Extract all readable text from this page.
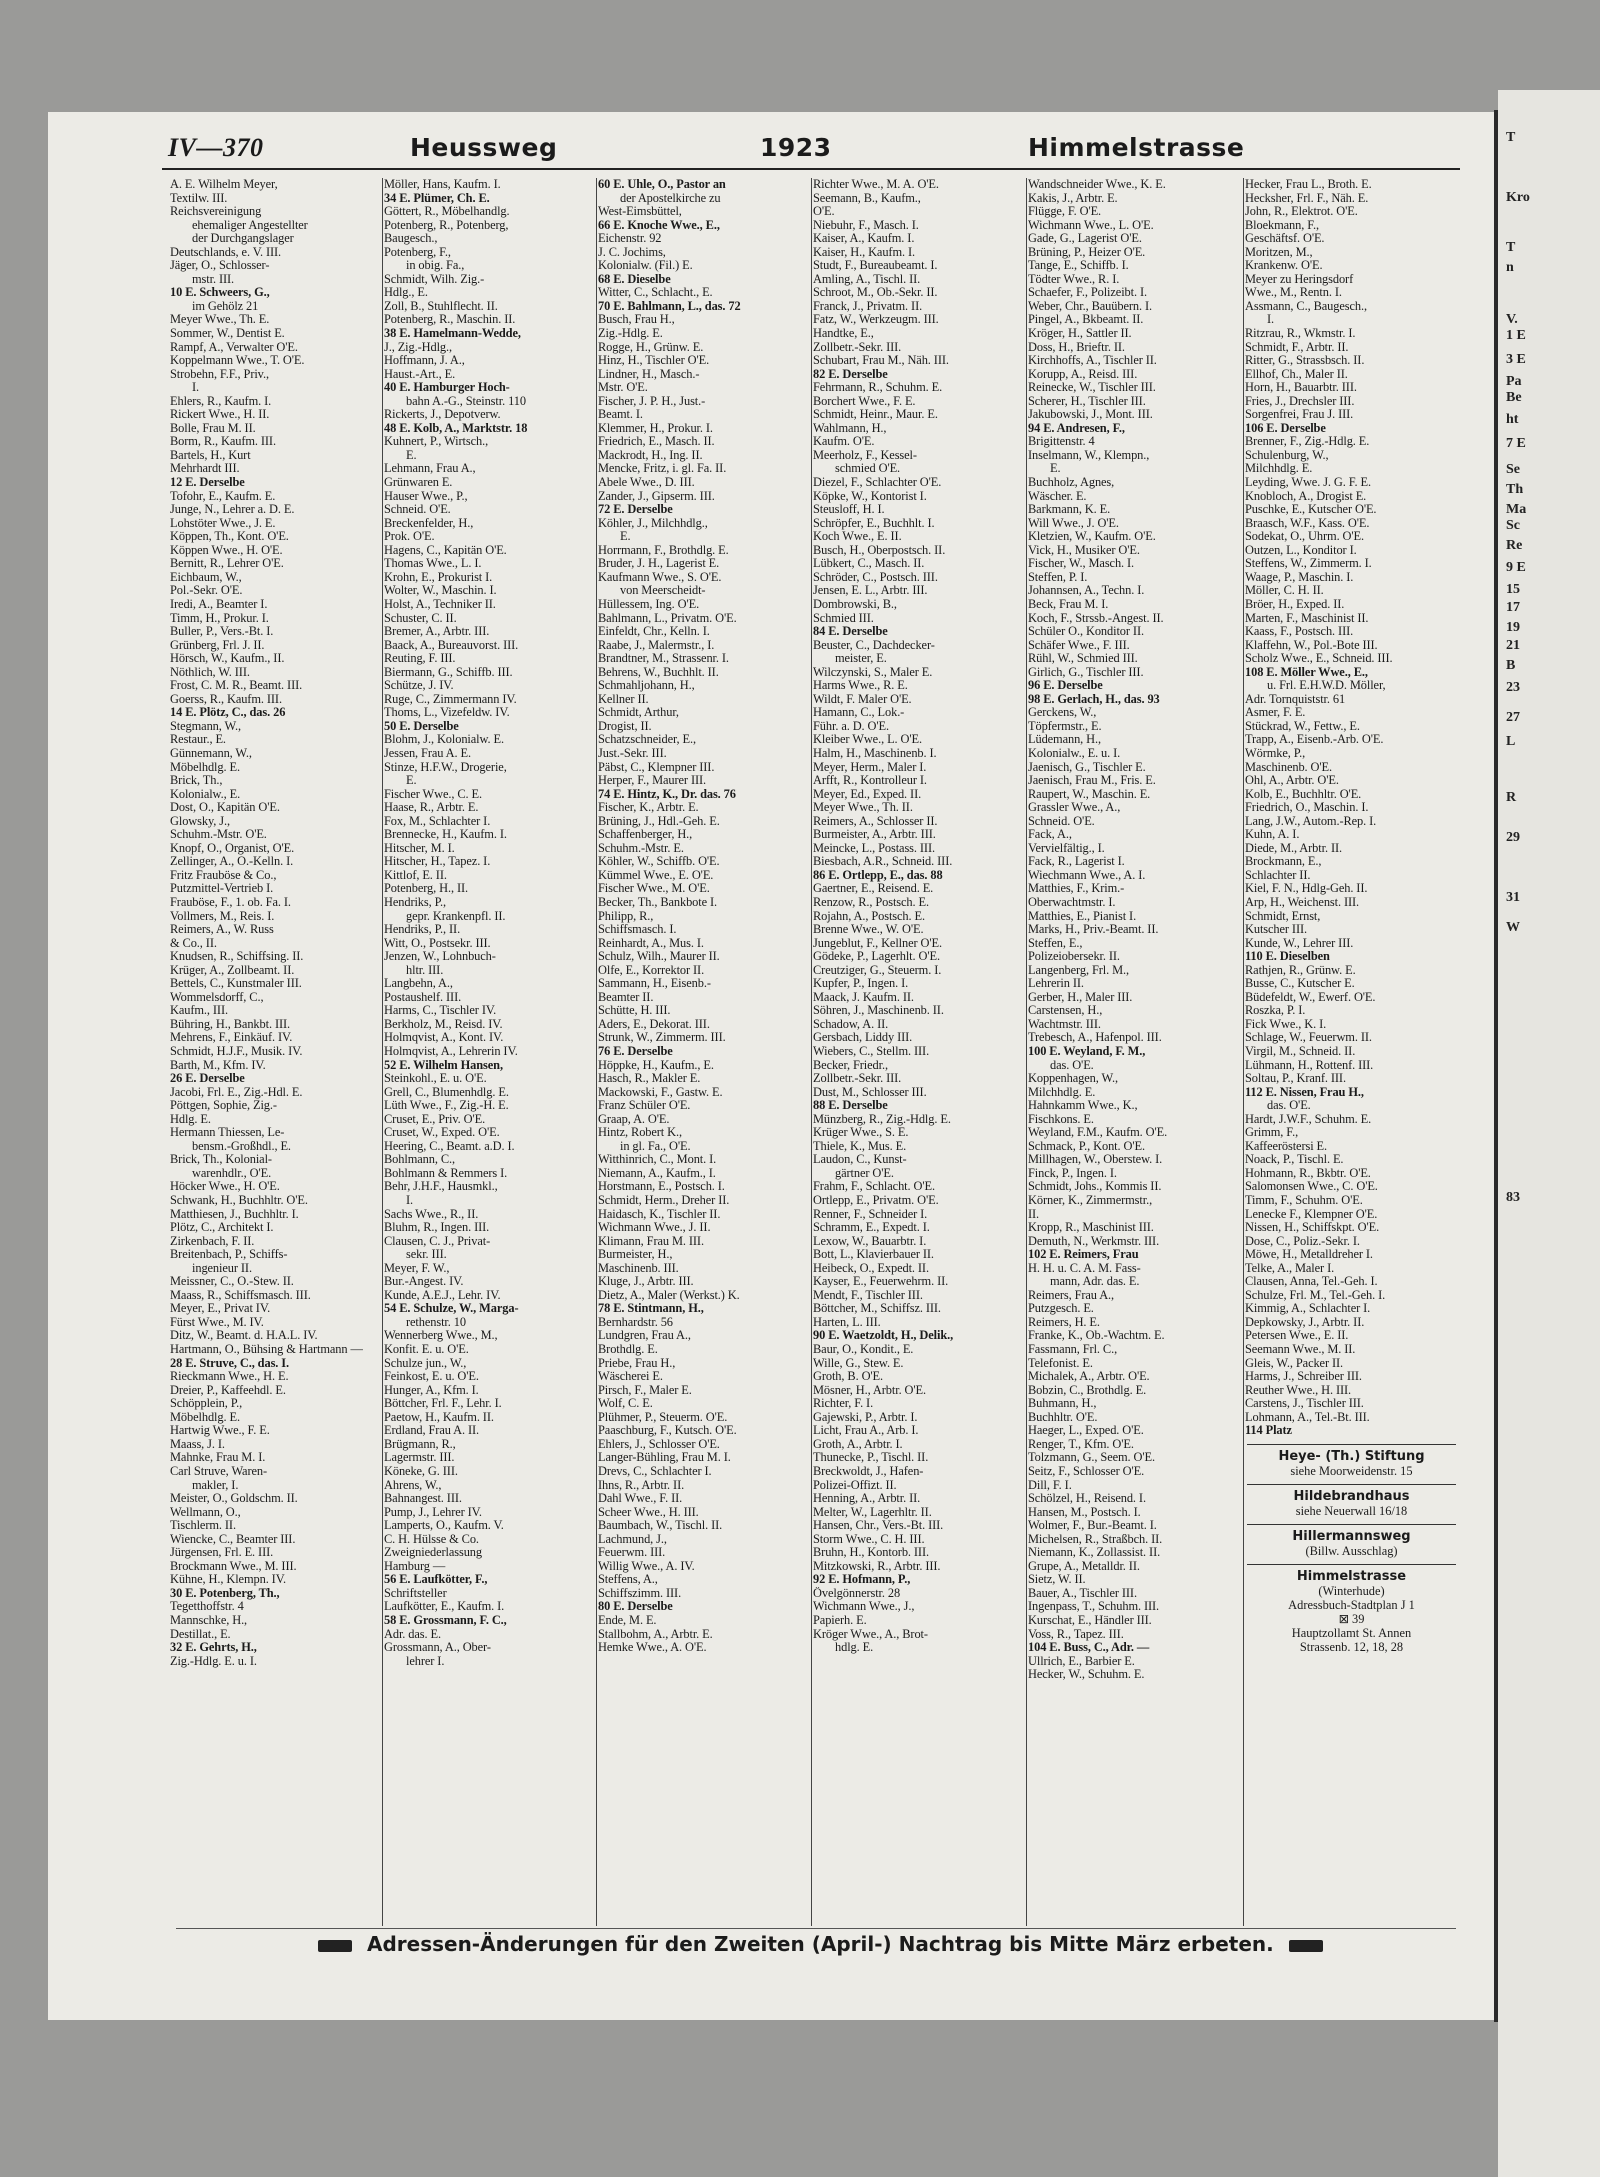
T
Kro
T
n
V.
1 E
3 E
Pa
Be
ht
7 E
Se
Th
Ma
Sc
Re
9 E
15
17
19
21
B
23
27
L
R
29
31
W
83
IV—370	Heussweg	1923	Himmelstrasse
A. E. Wilhelm Meyer,
Textilw. III.
Reichsvereinigung
ehemaliger Angestellter
der Durchgangslager
Deutschlands, e. V. III.
Jäger, O., Schlosser-
mstr. III.
10 E. Schweers, G.,
im Gehölz 21
Meyer Wwe., Th. E.
Sommer, W., Dentist E.
Rampf, A., Verwalter O'E.
Koppelmann Wwe., T. O'E.
Strobehn, F.F., Priv.,
I.
Ehlers, R., Kaufm. I.
Rickert Wwe., H. II.
Bolle, Frau M. II.
Borm, R., Kaufm. III.
Bartels, H., Kurt
Mehrhardt III.
12 E. Derselbe
Tofohr, E., Kaufm. E.
Junge, N., Lehrer a. D. E.
Lohstöter Wwe., J. E.
Köppen, Th., Kont. O'E.
Köppen Wwe., H. O'E.
Bernitt, R., Lehrer O'E.
Eichbaum, W.,
Pol.-Sekr. O'E.
Iredi, A., Beamter I.
Timm, H., Prokur. I.
Buller, P., Vers.-Bt. I.
Grünberg, Frl. J. II.
Hörsch, W., Kaufm., II.
Nöthlich, W. III.
Frost, C. M. R., Beamt. III.
Goerss, R., Kaufm. III.
14 E. Plötz, C., das. 26
Stegmann, W.,
Restaur., E.
Günnemann, W.,
Möbelhdlg. E.
Brick, Th.,
Kolonialw., E.
Dost, O., Kapitän O'E.
Glowsky, J.,
Schuhm.-Mstr. O'E.
Knopf, O., Organist, O'E.
Zellinger, A., O.-Kelln. I.
Fritz Frauböse & Co.,
Putzmittel-Vertrieb I.
Frauböse, F., 1. ob. Fa. I.
Vollmers, M., Reis. I.
Reimers, A., W. Russ
& Co., II.
Knudsen, R., Schiffsing. II.
Krüger, A., Zollbeamt. II.
Bettels, C., Kunstmaler III.
Wommelsdorff, C.,
Kaufm., III.
Bühring, H., Bankbt. III.
Mehrens, F., Einkäuf. IV.
Schmidt, H.J.F., Musik. IV.
Barth, M., Kfm. IV.
26 E. Derselbe
Jacobi, Frl. E., Zig.-Hdl. E.
Pöttgen, Sophie, Zig.-
Hdlg. E.
Hermann Thiessen, Le-
bensm.-Großhdl., E.
Brick, Th., Kolonial-
warenhdlr., O'E.
Höcker Wwe., H. O'E.
Schwank, H., Buchhltr. O'E.
Matthiesen, J., Buchhltr. I.
Plötz, C., Architekt I.
Zirkenbach, F. II.
Breitenbach, P., Schiffs-
ingenieur II.
Meissner, C., O.-Stew. II.
Maass, R., Schiffsmasch. III.
Meyer, E., Privat IV.
Fürst Wwe., M. IV.
Ditz, W., Beamt. d. H.A.L. IV.
Hartmann, O., Bühsing & Hartmann —
28 E. Struve, C., das. I.
Rieckmann Wwe., H. E.
Dreier, P., Kaffeehdl. E.
Schöpplein, P.,
Möbelhdlg. E.
Hartwig Wwe., F. E.
Maass, J. I.
Mahnke, Frau M. I.
Carl Struve, Waren-
makler, I.
Meister, O., Goldschm. II.
Wellmann, O.,
Tischlerm. II.
Wiencke, C., Beamter III.
Jürgensen, Frl. E. III.
Brockmann Wwe., M. III.
Kühne, H., Klempn. IV.
30 E. Potenberg, Th.,
Tegetthoffstr. 4
Mannschke, H.,
Destillat., E.
32 E. Gehrts, H.,
Zig.-Hdlg. E. u. I.
Möller, Hans, Kaufm. I.
34 E. Plümer, Ch. E.
Göttert, R., Möbelhandlg.
Potenberg, R., Potenberg,
Baugesch.,
Potenberg, F.,
in obig. Fa.,
Schmidt, Wilh. Zig.-
Hdlg., E.
Zoll, B., Stuhlflecht. II.
Potenberg, R., Maschin. II.
38 E. Hamelmann-Wedde,
J., Zig.-Hdlg.,
Hoffmann, J. A.,
Haust.-Art., E.
40 E. Hamburger Hoch-
bahn A.-G., Steinstr. 110
Rickerts, J., Depotverw.
48 E. Kolb, A., Marktstr. 18
Kuhnert, P., Wirtsch.,
E.
Lehmann, Frau A.,
Grünwaren E.
Hauser Wwe., P.,
Schneid. O'E.
Breckenfelder, H.,
Prok. O'E.
Hagens, C., Kapitän O'E.
Thomas Wwe., L. I.
Krohn, E., Prokurist I.
Wolter, W., Maschin. I.
Holst, A., Techniker II.
Schuster, C. II.
Bremer, A., Arbtr. III.
Baack, A., Bureauvorst. III.
Reuting, F. III.
Biermann, G., Schiffb. III.
Schütze, J. IV.
Ruge, C., Zimmermann IV.
Thoms, L., Vizefeldw. IV.
50 E. Derselbe
Blohm, J., Kolonialw. E.
Jessen, Frau A. E.
Stinze, H.F.W., Drogerie,
E.
Fischer Wwe., C. E.
Haase, R., Arbtr. E.
Fox, M., Schlachter I.
Brennecke, H., Kaufm. I.
Hitscher, M. I.
Hitscher, H., Tapez. I.
Kittlof, E. II.
Potenberg, H., II.
Hendriks, P.,
gepr. Krankenpfl. II.
Hendriks, P., II.
Witt, O., Postsekr. III.
Jenzen, W., Lohnbuch-
hltr. III.
Langbehn, A.,
Postaushelf. III.
Harms, C., Tischler IV.
Berkholz, M., Reisd. IV.
Holmqvist, A., Kont. IV.
Holmqvist, A., Lehrerin IV.
52 E. Wilhelm Hansen,
Steinkohl., E. u. O'E.
Grell, C., Blumenhdlg. E.
Lüth Wwe., F., Zig.-H. E.
Cruset, E., Priv. O'E.
Cruset, W., Exped. O'E.
Heering, C., Beamt. a.D. I.
Bohlmann, C.,
Bohlmann & Remmers I.
Behr, J.H.F., Hausmkl.,
I.
Sachs Wwe., R., II.
Bluhm, R., Ingen. III.
Clausen, C. J., Privat-
sekr. III.
Meyer, F. W.,
Bur.-Angest. IV.
Kunde, A.E.J., Lehr. IV.
54 E. Schulze, W., Marga-
rethenstr. 10
Wennerberg Wwe., M.,
Konfit. E. u. O'E.
Schulze jun., W.,
Feinkost, E. u. O'E.
Hunger, A., Kfm. I.
Böttcher, Frl. F., Lehr. I.
Paetow, H., Kaufm. II.
Erdland, Frau A. II.
Brügmann, R.,
Lagermstr. III.
Köneke, G. III.
Ahrens, W.,
Bahnangest. III.
Pump, J., Lehrer IV.
Lamperts, O., Kaufm. V.
C. H. Hülsse & Co.
Zweigniederlassung
Hamburg —
56 E. Laufkötter, F.,
Schriftsteller
Laufkötter, E., Kaufm. I.
58 E. Grossmann, F. C.,
Adr. das. E.
Grossmann, A., Ober-
lehrer I.
60 E. Uhle, O., Pastor an
der Apostelkirche zu
West-Eimsbüttel,
66 E. Knoche Wwe., E.,
Eichenstr. 92
J. C. Jochims,
Kolonialw. (Fil.) E.
68 E. Dieselbe
Witter, C., Schlacht., E.
70 E. Bahlmann, L., das. 72
Busch, Frau H.,
Zig.-Hdlg. E.
Rogge, H., Grünw. E.
Hinz, H., Tischler O'E.
Lindner, H., Masch.-
Mstr. O'E.
Fischer, J. P. H., Just.-
Beamt. I.
Klemmer, H., Prokur. I.
Friedrich, E., Masch. II.
Mackrodt, H., Ing. II.
Mencke, Fritz, i. gl. Fa. II.
Abele Wwe., D. III.
Zander, J., Gipserm. III.
72 E. Derselbe
Köhler, J., Milchhdlg.,
E.
Horrmann, F., Brothdlg. E.
Bruder, J. H., Lagerist E.
Kaufmann Wwe., S. O'E.
von Meerscheidt-
Hüllessem, Ing. O'E.
Bahlmann, L., Privatm. O'E.
Einfeldt, Chr., Kelln. I.
Raabe, J., Malermstr., I.
Brandtner, M., Strassenr. I.
Behrens, W., Buchhlt. II.
Schmahljohann, H.,
Kellner II.
Schmidt, Arthur,
Drogist, II.
Schatzschneider, E.,
Just.-Sekr. III.
Päbst, C., Klempner III.
Herper, F., Maurer III.
74 E. Hintz, K., Dr. das. 76
Fischer, K., Arbtr. E.
Brüning, J., Hdl.-Geh. E.
Schaffenberger, H.,
Schuhm.-Mstr. E.
Köhler, W., Schiffb. O'E.
Kümmel Wwe., E. O'E.
Fischer Wwe., M. O'E.
Becker, Th., Bankbote I.
Philipp, R.,
Schiffsmasch. I.
Reinhardt, A., Mus. I.
Schulz, Wilh., Maurer II.
Olfe, E., Korrektor II.
Sammann, H., Eisenb.-
Beamter II.
Schütte, H. III.
Aders, E., Dekorat. III.
Strunk, W., Zimmerm. III.
76 E. Derselbe
Höppke, H., Kaufm., E.
Hasch, R., Makler E.
Mackowski, F., Gastw. E.
Franz Schüler O'E.
Graap, A. O'E.
Hintz, Robert K.,
in gl. Fa., O'E.
Witthinrich, C., Mont. I.
Niemann, A., Kaufm., I.
Horstmann, E., Postsch. I.
Schmidt, Herm., Dreher II.
Haidasch, K., Tischler II.
Wichmann Wwe., J. II.
Klimann, Frau M. III.
Burmeister, H.,
Maschinenb. III.
Kluge, J., Arbtr. III.
Dietz, A., Maler (Werkst.) K.
78 E. Stintmann, H.,
Bernhardstr. 56
Lundgren, Frau A.,
Brothdlg. E.
Priebe, Frau H.,
Wäscherei E.
Pirsch, F., Maler E.
Wolf, C. E.
Plühmer, P., Steuerm. O'E.
Paaschburg, F., Kutsch. O'E.
Ehlers, J., Schlosser O'E.
Langer-Bühling, Frau M. I.
Drevs, C., Schlachter I.
Ihns, R., Arbtr. II.
Dahl Wwe., F. II.
Scheer Wwe., H. III.
Baumbach, W., Tischl. II.
Lachmund, J.,
Feuerwm. III.
Willig Wwe., A. IV.
Steffens, A.,
Schiffszimm. III.
80 E. Derselbe
Ende, M. E.
Stallbohm, A., Arbtr. E.
Hemke Wwe., A. O'E.
Richter Wwe., M. A. O'E.
Seemann, B., Kaufm.,
O'E.
Niebuhr, F., Masch. I.
Kaiser, A., Kaufm. I.
Kaiser, H., Kaufm. I.
Studt, F., Bureaubeamt. I.
Amling, A., Tischl. II.
Schroot, M., Ob.-Sekr. II.
Franck, J., Privatm. II.
Fatz, W., Werkzeugm. III.
Handtke, E.,
Zollbetr.-Sekr. III.
Schubart, Frau M., Näh. III.
82 E. Derselbe
Fehrmann, R., Schuhm. E.
Borchert Wwe., F. E.
Schmidt, Heinr., Maur. E.
Wahlmann, H.,
Kaufm. O'E.
Meerholz, F., Kessel-
schmied O'E.
Diezel, F., Schlachter O'E.
Köpke, W., Kontorist I.
Steusloff, H. I.
Schröpfer, E., Buchhlt. I.
Koch Wwe., E. II.
Busch, H., Oberpostsch. II.
Lübkert, C., Masch. II.
Schröder, C., Postsch. III.
Jensen, E. L., Arbtr. III.
Dombrowski, B.,
Schmied III.
84 E. Derselbe
Beuster, C., Dachdecker-
meister, E.
Wilczynski, S., Maler E.
Harms Wwe., R. E.
Wildt, F. Maler O'E.
Hamann, C., Lok.-
Führ. a. D. O'E.
Kleiber Wwe., L. O'E.
Halm, H., Maschinenb. I.
Meyer, Herm., Maler I.
Arfft, R., Kontrolleur I.
Meyer, Ed., Exped. II.
Meyer Wwe., Th. II.
Reimers, A., Schlosser II.
Burmeister, A., Arbtr. III.
Meincke, L., Postass. III.
Biesbach, A.R., Schneid. III.
86 E. Ortlepp, E., das. 88
Gaertner, E., Reisend. E.
Renzow, R., Postsch. E.
Rojahn, A., Postsch. E.
Brenne Wwe., W. O'E.
Jungeblut, F., Kellner O'E.
Gödeke, P., Lagerhlt. O'E.
Creutziger, G., Steuerm. I.
Kupfer, P., Ingen. I.
Maack, J. Kaufm. II.
Söhren, J., Maschinenb. II.
Schadow, A. II.
Gersbach, Liddy III.
Wiebers, C., Stellm. III.
Becker, Friedr.,
Zollbetr.-Sekr. III.
Dust, M., Schlosser III.
88 E. Derselbe
Münzberg, R., Zig.-Hdlg. E.
Krüger Wwe., S. E.
Thiele, K., Mus. E.
Laudon, C., Kunst-
gärtner O'E.
Frahm, F., Schlacht. O'E.
Ortlepp, E., Privatm. O'E.
Renner, F., Schneider I.
Schramm, E., Expedt. I.
Lexow, W., Bauarbtr. I.
Bott, L., Klavierbauer II.
Heibeck, O., Expedt. II.
Kayser, E., Feuerwehrm. II.
Mendt, F., Tischler III.
Böttcher, M., Schiffsz. III.
Harten, L. III.
90 E. Waetzoldt, H., Delik.,
Baur, O., Kondit., E.
Wille, G., Stew. E.
Groth, B. O'E.
Mösner, H., Arbtr. O'E.
Richter, F. I.
Gajewski, P., Arbtr. I.
Licht, Frau A., Arb. I.
Groth, A., Arbtr. I.
Thunecke, P., Tischl. II.
Breckwoldt, J., Hafen-
Polizei-Offizt. II.
Henning, A., Arbtr. II.
Melter, W., Lagerhltr. II.
Hansen, Chr., Vers.-Bt. III.
Storm Wwe., C. H. III.
Bruhn, H., Kontorb. III.
Mitzkowski, R., Arbtr. III.
92 E. Hofmann, P.,
Övelgönnerstr. 28
Wichmann Wwe., J.,
Papierh. E.
Kröger Wwe., A., Brot-
hdlg. E.
Wandschneider Wwe., K. E.
Kakis, J., Arbtr. E.
Flügge, F. O'E.
Wichmann Wwe., L. O'E.
Gade, G., Lagerist O'E.
Brüning, P., Heizer O'E.
Tange, E., Schiffb. I.
Tödter Wwe., R. I.
Schaefer, F., Polizeibt. I.
Weber, Chr., Bauübern. I.
Pingel, A., Bkbeamt. II.
Kröger, H., Sattler II.
Doss, H., Brieftr. II.
Kirchhoffs, A., Tischler II.
Korupp, A., Reisd. III.
Reinecke, W., Tischler III.
Scherer, H., Tischler III.
Jakubowski, J., Mont. III.
94 E. Andresen, F.,
Brigittenstr. 4
Inselmann, W., Klempn.,
E.
Buchholz, Agnes,
Wäscher. E.
Barkmann, K. E.
Will Wwe., J. O'E.
Kletzien, W., Kaufm. O'E.
Vick, H., Musiker O'E.
Fischer, W., Masch. I.
Steffen, P. I.
Johannsen, A., Techn. I.
Beck, Frau M. I.
Koch, F., Strssb.-Angest. II.
Schüler O., Konditor II.
Schäfer Wwe., F. III.
Rühl, W., Schmied III.
Girlich, G., Tischler III.
96 E. Derselbe
98 E. Gerlach, H., das. 93
Gerckens, W.,
Töpfermstr., E.
Lüdemann, H.,
Kolonialw., E. u. I.
Jaenisch, G., Tischler E.
Jaenisch, Frau M., Fris. E.
Raupert, W., Maschin. E.
Grassler Wwe., A.,
Schneid. O'E.
Fack, A.,
Vervielfältig., I.
Fack, R., Lagerist I.
Wiechmann Wwe., A. I.
Matthies, F., Krim.-
Oberwachtmstr. I.
Matthies, E., Pianist I.
Marks, H., Priv.-Beamt. II.
Steffen, E.,
Polizeiobersekr. II.
Langenberg, Frl. M.,
Lehrerin II.
Gerber, H., Maler III.
Carstensen, H.,
Wachtmstr. III.
Trebesch, A., Hafenpol. III.
100 E. Weyland, F. M.,
das. O'E.
Koppenhagen, W.,
Milchhdlg. E.
Hahnkamm Wwe., K.,
Fischkons. E.
Weyland, F.M., Kaufm. O'E.
Schmack, P., Kont. O'E.
Millhagen, W., Oberstew. I.
Finck, P., Ingen. I.
Schmidt, Johs., Kommis II.
Körner, K., Zimmermstr.,
II.
Kropp, R., Maschinist III.
Demuth, N., Werkmstr. III.
102 E. Reimers, Frau
H. H. u. C. A. M. Fass-
mann, Adr. das. E.
Reimers, Frau A.,
Putzgesch. E.
Reimers, H. E.
Franke, K., Ob.-Wachtm. E.
Fassmann, Frl. C.,
Telefonist. E.
Michalek, A., Arbtr. O'E.
Bobzin, C., Brothdlg. E.
Buhmann, H.,
Buchhltr. O'E.
Haeger, L., Exped. O'E.
Renger, T., Kfm. O'E.
Tolzmann, G., Seem. O'E.
Seitz, F., Schlosser O'E.
Dill, F. I.
Schölzel, H., Reisend. I.
Hansen, M., Postsch. I.
Wolmer, F., Bur.-Beamt. I.
Michelsen, R., Straßbch. II.
Niemann, K., Zollassist. II.
Grupe, A., Metalldr. II.
Sietz, W. II.
Bauer, A., Tischler III.
Ingenpass, T., Schuhm. III.
Kurschat, E., Händler III.
Voss, R., Tapez. III.
104 E. Buss, C., Adr. —
Ullrich, E., Barbier E.
Hecker, W., Schuhm. E.
Hecker, Frau L., Broth. E.
Hecksher, Frl. F., Näh. E.
John, R., Elektrot. O'E.
Bloekmann, F.,
Geschäftsf. O'E.
Moritzen, M.,
Krankenw. O'E.
Meyer zu Heringsdorf
Wwe., M., Rentn. I.
Assmann, C., Baugesch.,
I.
Ritzrau, R., Wkmstr. I.
Schmidt, F., Arbtr. II.
Ritter, G., Strassbsch. II.
Ellhof, Ch., Maler II.
Horn, H., Bauarbtr. III.
Fries, J., Drechsler III.
Sorgenfrei, Frau J. III.
106 E. Derselbe
Brenner, F., Zig.-Hdlg. E.
Schulenburg, W.,
Milchhdlg. E.
Leyding, Wwe. J. G. F. E.
Knobloch, A., Drogist E.
Puschke, E., Kutscher O'E.
Braasch, W.F., Kass. O'E.
Sodekat, O., Uhrm. O'E.
Outzen, L., Konditor I.
Steffens, W., Zimmerm. I.
Waage, P., Maschin. I.
Möller, C. H. II.
Bröer, H., Exped. II.
Marten, F., Maschinist II.
Kaass, F., Postsch. III.
Klaffehn, W., Pol.-Bote III.
Scholz Wwe., E., Schneid. III.
108 E. Möller Wwe., E.,
u. Frl. E.H.W.D. Möller,
Adr. Tornquiststr. 61
Asmer, F. E.
Stückrad, W., Fettw., E.
Trapp, A., Eisenb.-Arb. O'E.
Wörmke, P.,
Maschinenb. O'E.
Ohl, A., Arbtr. O'E.
Kolb, E., Buchhltr. O'E.
Friedrich, O., Maschin. I.
Lang, J.W., Autom.-Rep. I.
Kuhn, A. I.
Diede, M., Arbtr. II.
Brockmann, E.,
Schlachter II.
Kiel, F. N., Hdlg-Geh. II.
Arp, H., Weichenst. III.
Schmidt, Ernst,
Kutscher III.
Kunde, W., Lehrer III.
110 E. Dieselben
Rathjen, R., Grünw. E.
Busse, C., Kutscher E.
Büdefeldt, W., Ewerf. O'E.
Roszka, P. I.
Fick Wwe., K. I.
Schlage, W., Feuerwm. II.
Virgil, M., Schneid. II.
Lühmann, H., Rottenf. III.
Soltau, P., Kranf. III.
112 E. Nissen, Frau H.,
das. O'E.
Hardt, J.W.F., Schuhm. E.
Grimm, F.,
Kaffeeröstersi E.
Noack, P., Tischl. E.
Hohmann, R., Bkbtr. O'E.
Salomonsen Wwe., C. O'E.
Timm, F., Schuhm. O'E.
Lenecke F., Klempner O'E.
Nissen, H., Schiffskpt. O'E.
Dose, C., Poliz.-Sekr. I.
Möwe, H., Metalldreher I.
Telke, A., Maler I.
Clausen, Anna, Tel.-Geh. I.
Schulze, Frl. M., Tel.-Geh. I.
Kimmig, A., Schlachter I.
Depkowsky, J., Arbtr. II.
Petersen Wwe., E. II.
Seemann Wwe., M. II.
Gleis, W., Packer II.
Harms, J., Schreiber III.
Reuther Wwe., H. III.
Carstens, J., Tischler III.
Lohmann, A., Tel.-Bt. III.
114 Platz
Heye- (Th.) Stiftung
siehe Moorweidenstr. 15
Hildebrandhaus
siehe Neuerwall 16/18
Hillermannsweg
(Billw. Ausschlag)
Himmelstrasse
(Winterhude)
Adressbuch-Stadtplan J 1
⊠ 39
Hauptzollamt St. Annen
Strassenb. 12, 18, 28
Adressen-Änderungen für den Zweiten (April-) Nachtrag bis Mitte März erbeten.
